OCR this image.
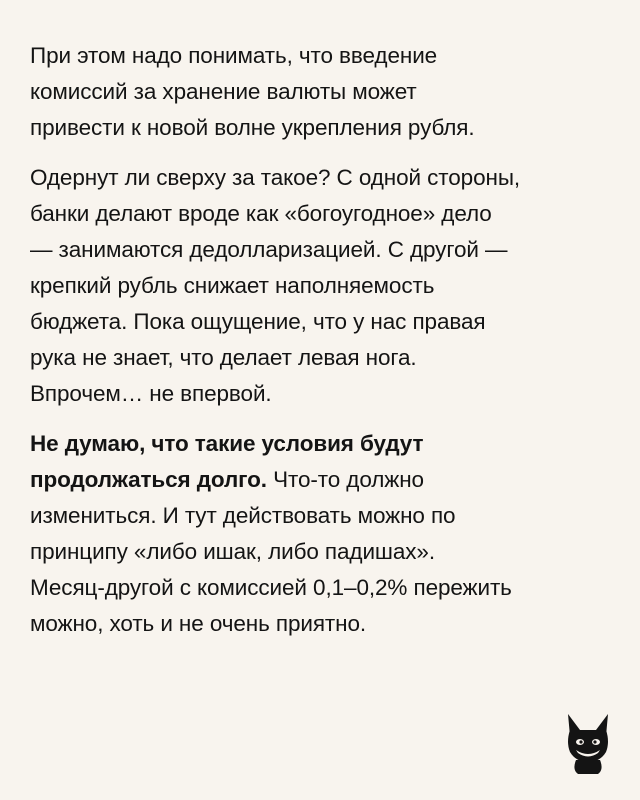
При этом надо понимать, что введение
комиссий за хранение валюты может
привести к новой волне укрепления рубля.

Одернут ли сверху за такое? С одной стороны,
банки делают вроде как «богоугодное» дело
— занимаются дедолларизацией. С другой —
крепкий рубль снижает наполняемость
бюджета. Пока ощущение, что у нас правая
рука не знает, что делает левая нога.
Впрочем… не впервой.

Не думаю, что такие условия будут
продолжаться долго. Что-то должно
измениться. И тут действовать можно по
принципу «либо ишак, либо падишах».
Месяц-другой с комиссией 0,1–0,2% пережить
можно, хоть и не очень приятно.
